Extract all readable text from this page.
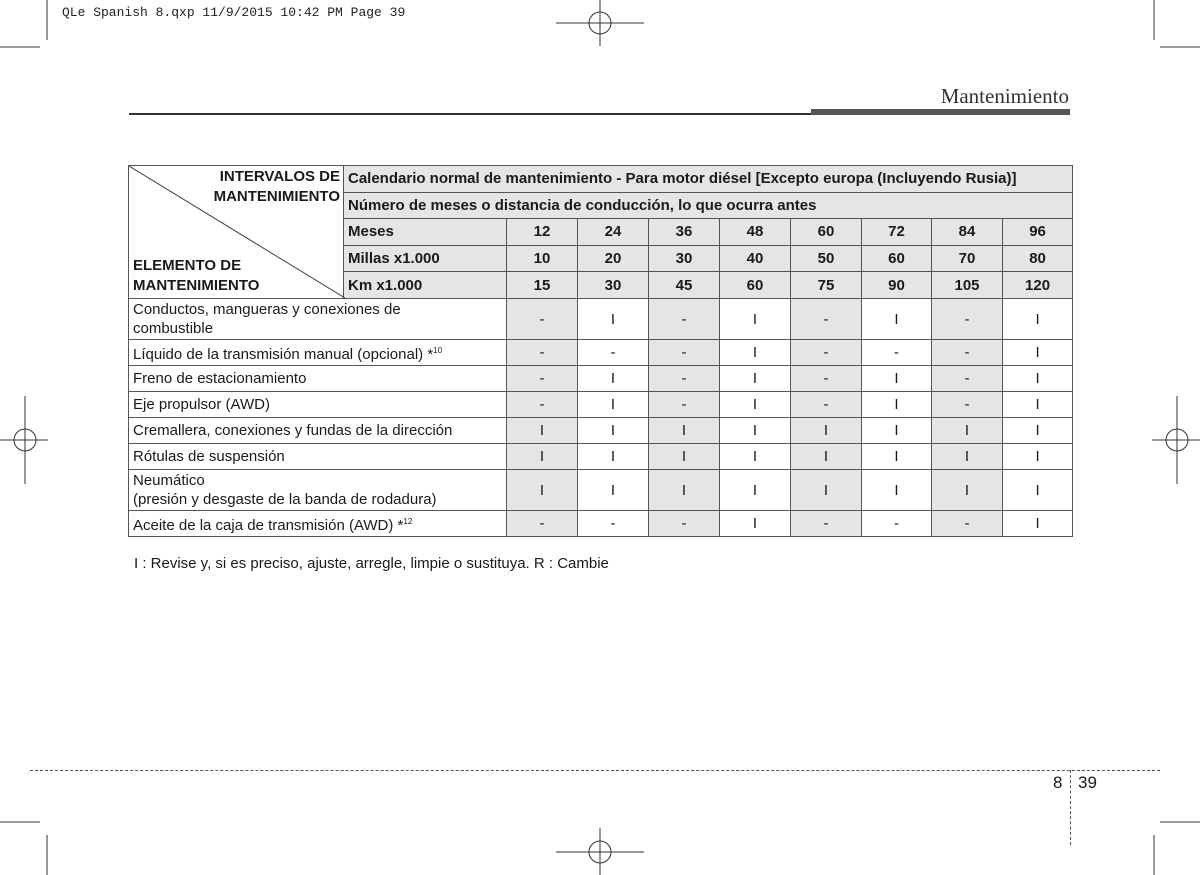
QLe Spanish 8.qxp 11/9/2015 10:42 PM Page 39
Mantenimiento
INTERVALOS DE
MANTENIMIENTO
ELEMENTO DE
MANTENIMIENTO	Calendario normal de mantenimiento - Para motor diésel [Excepto europa (Incluyendo Rusia)]								
	Número de meses o distancia de conducción, lo que ocurra antes								
	Meses	12	24	36	48	60	72	84	96
	Millas x1.000	10	20	30	40	50	60	70	80
	Km x1.000	15	30	45	60	75	90	105	120
Conductos, mangueras y conexiones de
combustible		-	I	-	I	-	I	-	I
Líquido de la transmisión manual (opcional) *$^{10}$		-	-	-	I	-	-	-	I
Freno de estacionamiento		-	I	-	I	-	I	-	I
Eje propulsor (AWD)		-	I	-	I	-	I	-	I
Cremallera, conexiones y fundas de la dirección		I	I	I	I	I	I	I	I
Rótulas de suspensión		I	I	I	I	I	I	I	I
Neumático
(presión y desgaste de la banda de rodadura)		I	I	I	I	I	I	I	I
Aceite de la caja de transmisión (AWD) *$^{12}$		-	-	-	I	-	-	-	I
I : Revise y, si es preciso, ajuste, arregle, limpie o sustituya. R : Cambie
8 39
